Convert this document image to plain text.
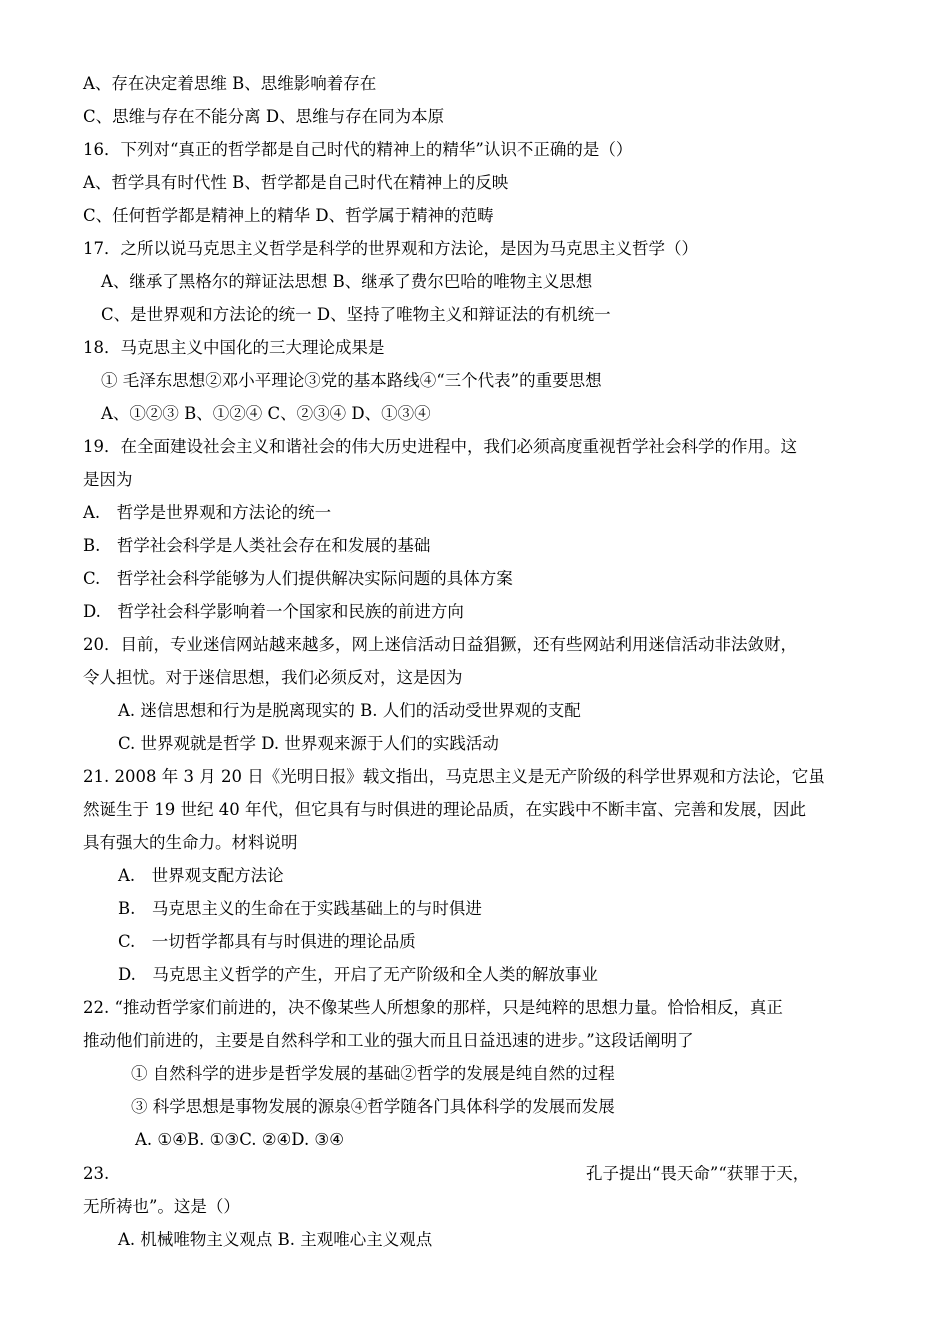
A、存在决定着思维 B、思维影响着存在
C、思维与存在不能分离 D、思维与存在同为本原
16．下列对“真正的哲学都是自己时代的精神上的精华”认识不正确的是（）
A、哲学具有时代性 B、哲学都是自己时代在精神上的反映
C、任何哲学都是精神上的精华 D、哲学属于精神的范畴
17．之所以说马克思主义哲学是科学的世界观和方法论，是因为马克思主义哲学（）
A、继承了黑格尔的辩证法思想 B、继承了费尔巴哈的唯物主义思想
C、是世界观和方法论的统一 D、坚持了唯物主义和辩证法的有机统一
18．马克思主义中国化的三大理论成果是
① 毛泽东思想②邓小平理论③党的基本路线④“三个代表”的重要思想
A、①②③ B、①②④ C、②③④ D、①③④
19．在全面建设社会主义和谐社会的伟大历史进程中，我们必须高度重视哲学社会科学的作用。这
是因为
A.　哲学是世界观和方法论的统一
B.　哲学社会科学是人类社会存在和发展的基础
C.　哲学社会科学能够为人们提供解决实际问题的具体方案
D.　哲学社会科学影响着一个国家和民族的前进方向
20．目前，专业迷信网站越来越多，网上迷信活动日益猖獗，还有些网站利用迷信活动非法敛财，
令人担忧。对于迷信思想，我们必须反对，这是因为
A. 迷信思想和行为是脱离现实的 B. 人们的活动受世界观的支配
C. 世界观就是哲学 D. 世界观来源于人们的实践活动
21. 2008 年 3 月 20 日《光明日报》载文指出，马克思主义是无产阶级的科学世界观和方法论，它虽
然诞生于 19 世纪 40 年代，但它具有与时俱进的理论品质，在实践中不断丰富、完善和发展，因此
具有强大的生命力。材料说明
A.　世界观支配方法论
B.　马克思主义的生命在于实践基础上的与时俱进
C.　一切哲学都具有与时俱进的理论品质
D.　马克思主义哲学的产生，开启了无产阶级和全人类的解放事业
22. “推动哲学家们前进的，决不像某些人所想象的那样，只是纯粹的思想力量。恰恰相反，真正
推动他们前进的，主要是自然科学和工业的强大而且日益迅速的进步。”这段话阐明了
① 自然科学的进步是哲学发展的基础②哲学的发展是纯自然的过程
③ 科学思想是事物发展的源泉④哲学随各门具体科学的发展而发展
A. ①④B. ①③C. ②④D. ③④
无所祷也”。这是（）
A. 机械唯物主义观点 B. 主观唯心主义观点
23.	孔子提出“畏天命”“获罪于天，
